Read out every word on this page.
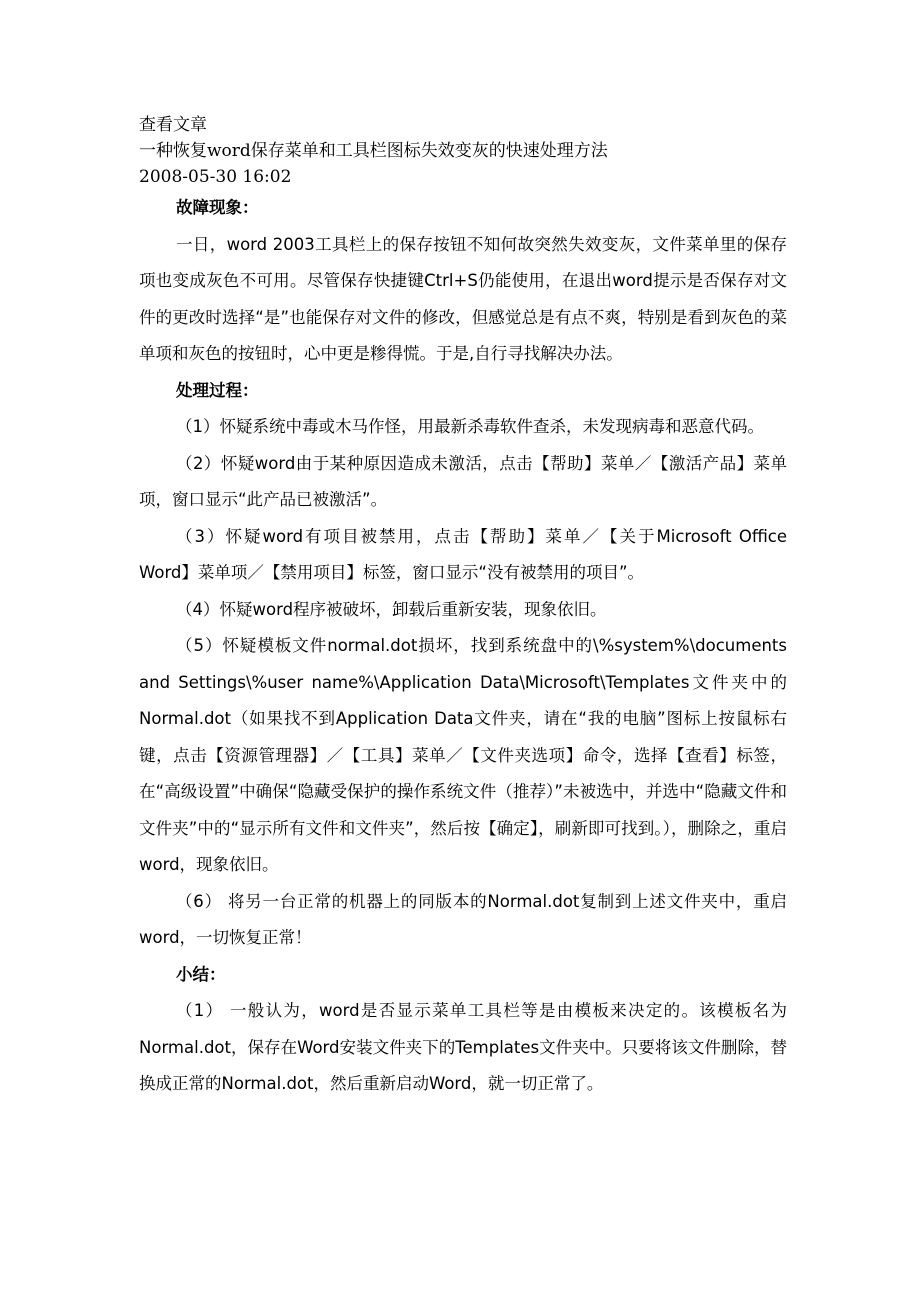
查看文章
一种恢复word保存菜单和工具栏图标失效变灰的快速处理方法
2008-05-30 16:02

故障现象：

一日，word 2003工具栏上的保存按钮不知何故突然失效变灰，文件菜单里的保存项也变成灰色不可用。尽管保存快捷键Ctrl+S仍能使用，在退出word提示是否保存对文件的更改时选择“是”也能保存对文件的修改，但感觉总是有点不爽，特别是看到灰色的菜单项和灰色的按钮时，心中更是糁得慌。于是,自行寻找解决办法。

处理过程：

（1）怀疑系统中毒或木马作怪，用最新杀毒软件查杀，未发现病毒和恶意代码。

（2）怀疑word由于某种原因造成未激活，点击【帮助】菜单／【激活产品】菜单项，窗口显示“此产品已被激活”。

（3）怀疑word有项目被禁用，点击【帮助】菜单／【关于Microsoft Office Word】菜单项／【禁用项目】标签，窗口显示“没有被禁用的项目”。

（4）怀疑word程序被破坏，卸载后重新安装，现象依旧。

（5）怀疑模板文件normal.dot损坏，找到系统盘中的\%system%\documents and Settings\%user name%\Application Data\Microsoft\Templates文件夹中的Normal.dot（如果找不到Application Data文件夹，请在“我的电脑”图标上按鼠标右键，点击【资源管理器】／【工具】菜单／【文件夹选项】命令，选择【查看】标签，在“高级设置”中确保“隐藏受保护的操作系统文件（推荐）”未被选中，并选中“隐藏文件和文件夹”中的“显示所有文件和文件夹”，然后按【确定】，刷新即可找到。），删除之，重启word，现象依旧。

（6） 将另一台正常的机器上的同版本的Normal.dot复制到上述文件夹中，重启word，一切恢复正常！

小结：

（1） 一般认为，word是否显示菜单工具栏等是由模板来决定的。该模板名为Normal.dot，保存在Word安装文件夹下的Templates文件夹中。只要将该文件删除，替换成正常的Normal.dot，然后重新启动Word，就一切正常了。
